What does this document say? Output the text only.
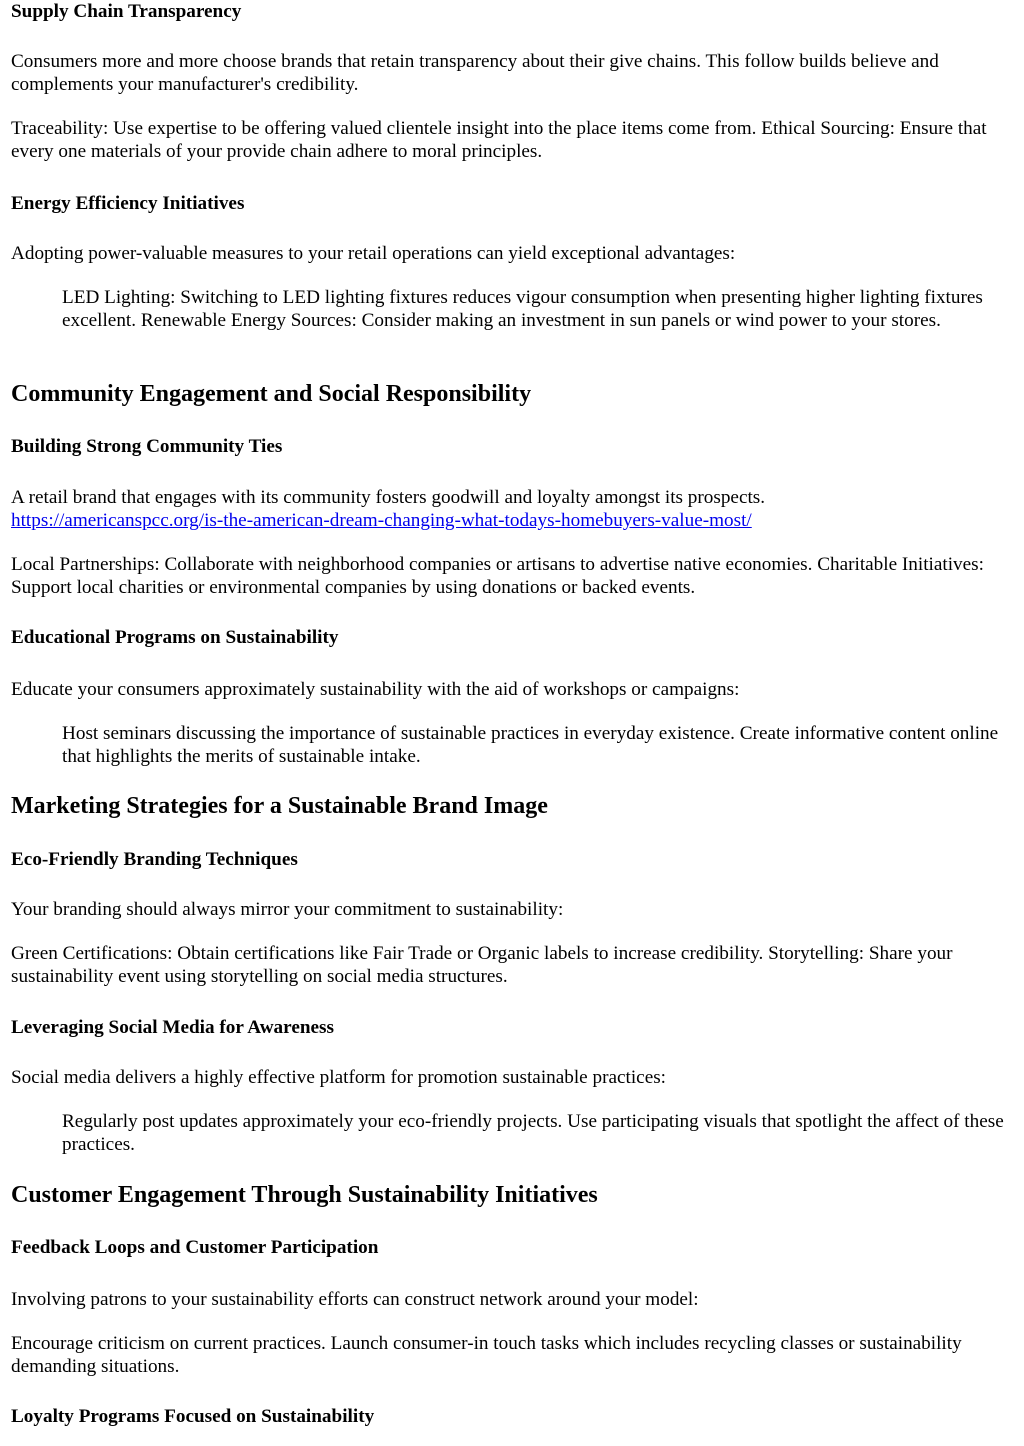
Supply Chain Transparency

Consumers more and more choose brands that retain transparency about their give chains. This follow builds believe and complements your manufacturer's credibility.

Traceability: Use expertise to be offering valued clientele insight into the place items come from. Ethical Sourcing: Ensure that every one materials of your provide chain adhere to moral principles.

Energy Efficiency Initiatives

Adopting power-valuable measures to your retail operations can yield exceptional advantages:

LED Lighting: Switching to LED lighting fixtures reduces vigour consumption when presenting higher lighting fixtures excellent. Renewable Energy Sources: Consider making an investment in sun panels or wind power to your stores.
Community Engagement and Social Responsibility
Building Strong Community Ties

A retail brand that engages with its community fosters goodwill and loyalty amongst its prospects.
https://americanspcc.org/is-the-american-dream-changing-what-todays-homebuyers-value-most/

Local Partnerships: Collaborate with neighborhood companies or artisans to advertise native economies. Charitable Initiatives: Support local charities or environmental companies by using donations or backed events.

Educational Programs on Sustainability

Educate your consumers approximately sustainability with the aid of workshops or campaigns:

Host seminars discussing the importance of sustainable practices in everyday existence. Create informative content online that highlights the merits of sustainable intake.
Marketing Strategies for a Sustainable Brand Image
Eco-Friendly Branding Techniques

Your branding should always mirror your commitment to sustainability:

Green Certifications: Obtain certifications like Fair Trade or Organic labels to increase credibility. Storytelling: Share your sustainability event using storytelling on social media structures.

Leveraging Social Media for Awareness

Social media delivers a highly effective platform for promotion sustainable practices:

Regularly post updates approximately your eco-friendly projects. Use participating visuals that spotlight the affect of these practices.
Customer Engagement Through Sustainability Initiatives
Feedback Loops and Customer Participation

Involving patrons to your sustainability efforts can construct network around your model:

Encourage criticism on current practices. Launch consumer-in touch tasks which includes recycling classes or sustainability demanding situations.

Loyalty Programs Focused on Sustainability
